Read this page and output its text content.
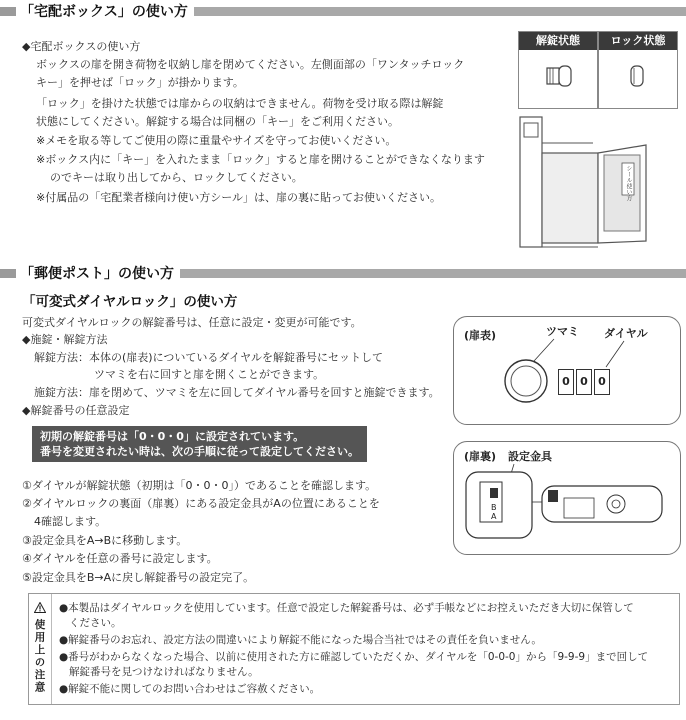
「宅配ボックス」の使い方
◆宅配ボックスの使い方
ボックスの扉を開き荷物を収納し扉を閉めてください。左側面部の「ワンタッチロック
キー」を押せば「ロック」が掛かります。
「ロック」を掛けた状態では扉からの収納はできません。荷物を受け取る際は解錠
状態にしてください。解錠する場合は同梱の「キー」をご利用ください。
※メモを取る等してご使用の際に重量やサイズを守ってお使いください。
※ボックス内に「キー」を入れたまま「ロック」すると扉を開けることができなくなります
のでキーは取り出してから、ロックしてください。
※付属品の「宅配業者様向け使い方シール」は、扉の裏に貼ってお使いください。
解錠状態	ロック状態
シール使い方
「郵便ポスト」の使い方
「可変式ダイヤルロック」の使い方
可変式ダイヤルロックの解錠番号は、任意に設定・変更が可能です。
◆施錠・解錠方法
解錠方法：本体の(扉表)についているダイヤルを解錠番号にセットして
ツマミを右に回すと扉を開くことができます。
施錠方法：扉を閉めて、ツマミを左に回してダイヤル番号を回すと施錠できます。
◆解錠番号の任意設定
初期の解錠番号は「0・0・0」に設定されています。
番号を変更されたい時は、次の手順に従って設定してください。
①ダイヤルが解錠状態（初期は「0・0・0」）であることを確認します。
②ダイヤルロックの裏面（扉裏）にある設定金具がAの位置にあることを
4確認します。
③設定金具をA→Bに移動します。
④ダイヤルを任意の番号に設定します。
⑤設定金具をB→Aに戻し解錠番号の設定完了。
(扉表)	ツマミ ダイヤル
0 0 0
(扉裏) 設定金具
B
A
使用上の注意
●本製品はダイヤルロックを使用しています。任意で設定した解錠番号は、必ず手帳などにお控えいただき大切に保管して
ください。
●解錠番号のお忘れ、設定方法の間違いにより解錠不能になった場合当社ではその責任を負いません。
●番号がわからなくなった場合、以前に使用された方に確認していただくか、ダイヤルを「0-0-0」から「9-9-9」まで回して
解錠番号を見つけなければなりません。
●解錠不能に関してのお問い合わせはご容赦ください。
